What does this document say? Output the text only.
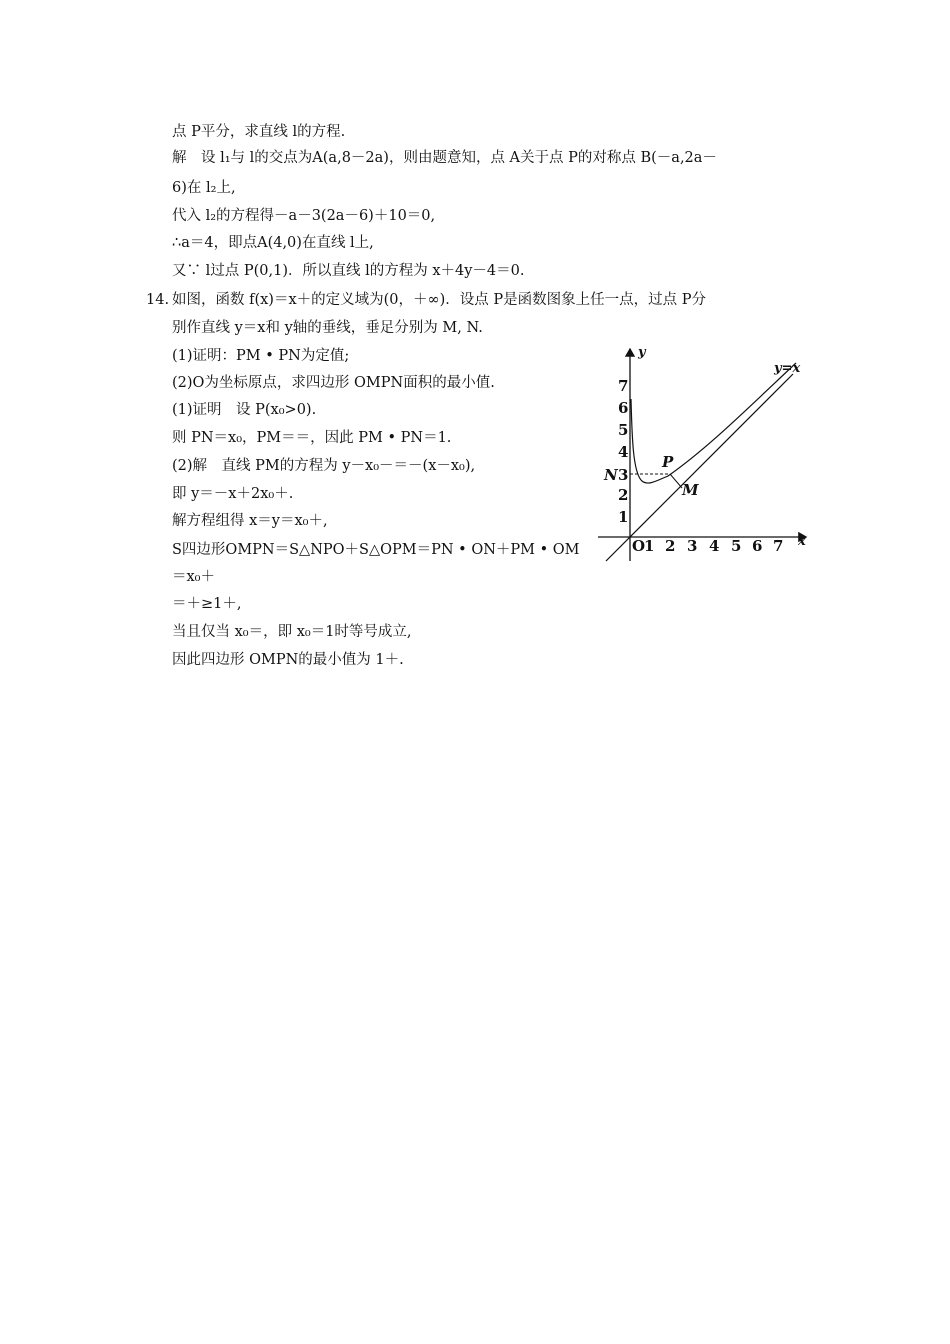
点 P平分，求直线 l的方程.
解　设 l₁与 l的交点为A(a,8－2a)，则由题意知，点 A关于点 P的对称点 B(－a,2a－
6)在 l₂上,
代入 l₂的方程得－a－3(2a－6)＋10＝0,
∴a＝4，即点A(4,0)在直线 l上,
又∵ l过点 P(0,1)．所以直线 l的方程为 x＋4y－4＝0.
14. 如图，函数 f(x)＝x＋的定义域为(0，＋∞)．设点 P是函数图象上任一点，过点 P分
别作直线 y＝x和 y轴的垂线，垂足分别为 M, N.
(1)证明：PM • PN为定值;
(2)O为坐标原点，求四边形 OMPN面积的最小值.
(1)证明　设 P(x₀>0).
则 PN＝x₀，PM＝＝，因此 PM • PN＝1.
(2)解　直线 PM的方程为 y－x₀－＝－(x－x₀),
即 y＝－x＋2x₀＋.
解方程组得 x＝y＝x₀＋,
S四边形OMPN＝S△NPO＋S△OPM＝PN • ON＋PM • OM
＝x₀＋
＝＋≥1＋,
当且仅当 x₀＝，即 x₀＝1时等号成立,
因此四边形 OMPN的最小值为 1＋.
y
x
O
y=x
P
M
N
1 2 3 4 5 6 7
1
2
3
4
5
6
7
